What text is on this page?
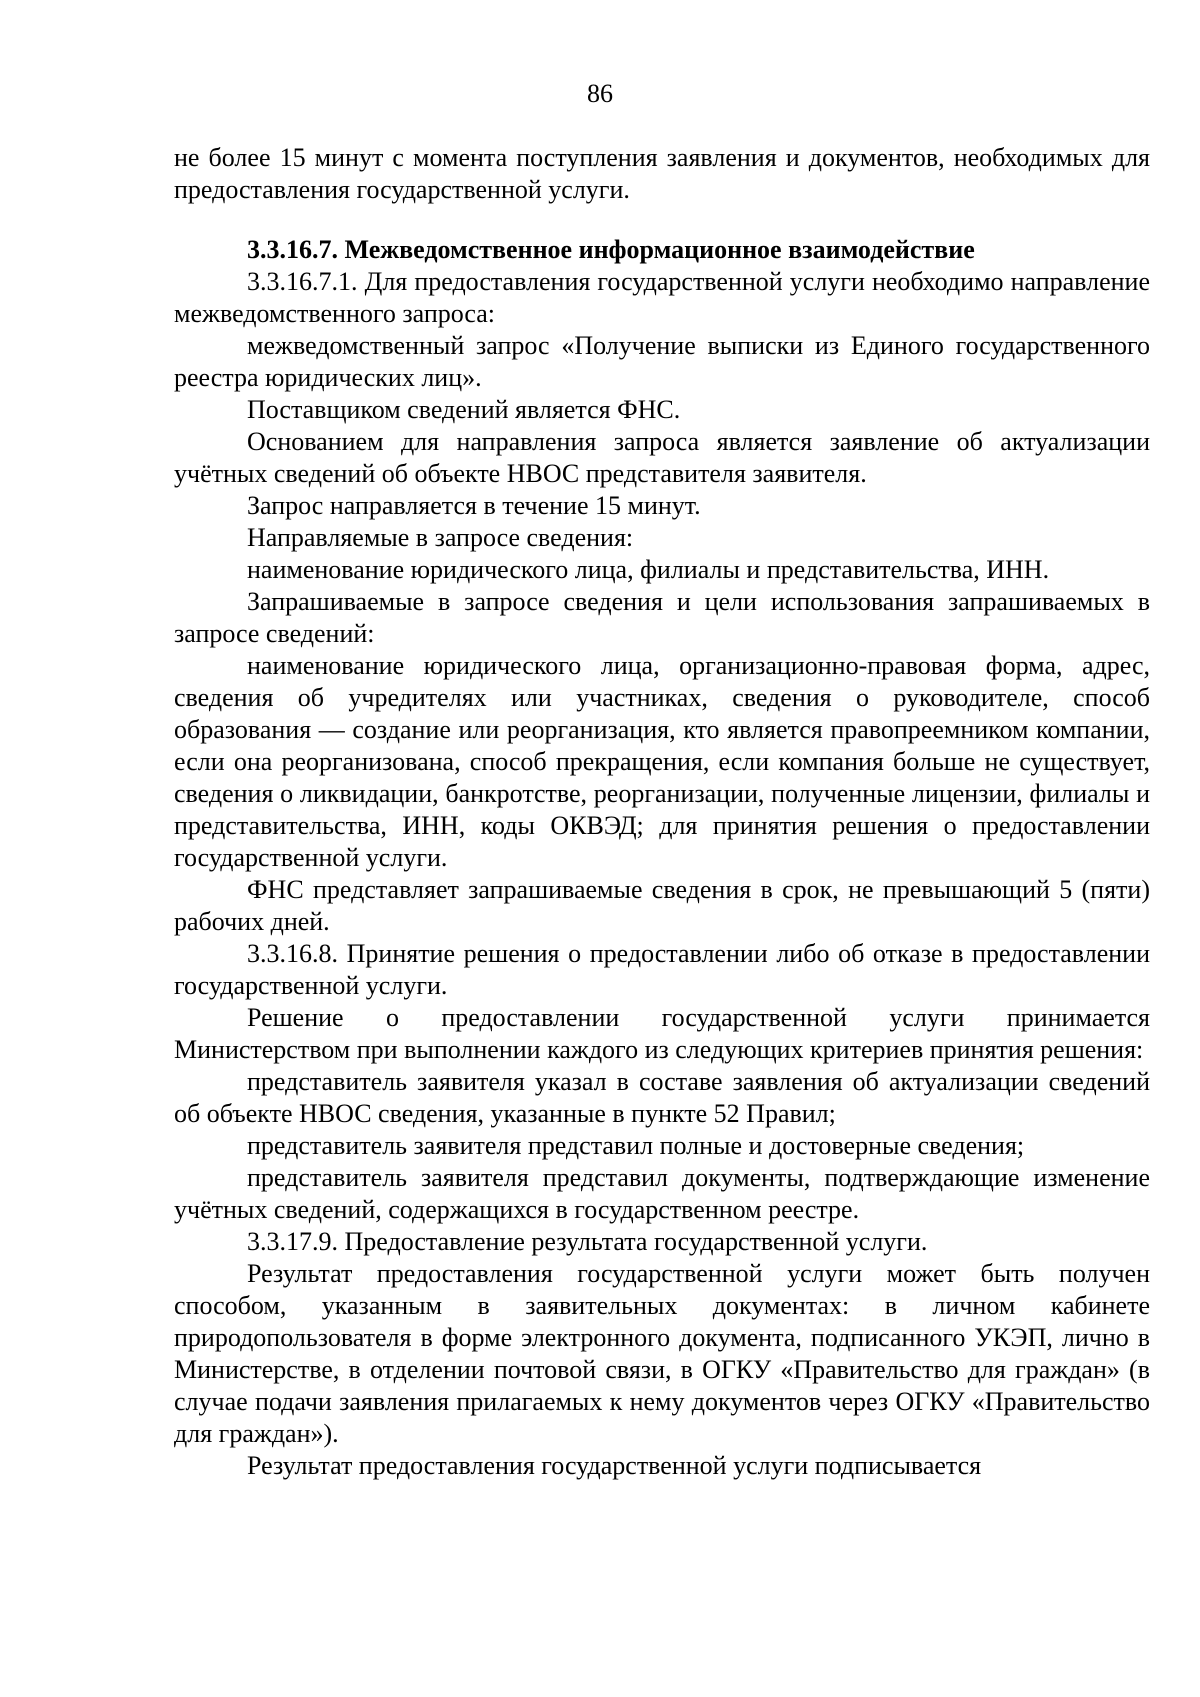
86

не более 15 минут с момента поступления заявления и документов, необходимых для предоставления государственной услуги.

3.3.16.7. Межведомственное информационное взаимодействие

3.3.16.7.1. Для предоставления государственной услуги необходимо направление межведомственного запроса:

межведомственный запрос «Получение выписки из Единого государственного реестра юридических лиц».

Поставщиком сведений является ФНС.

Основанием для направления запроса является заявление об актуализации учётных сведений об объекте НВОС представителя заявителя.

Запрос направляется в течение 15 минут.

Направляемые в запросе сведения:

наименование юридического лица, филиалы и представительства, ИНН.

Запрашиваемые в запросе сведения и цели использования запрашиваемых в запросе сведений:

наименование юридического лица, организационно-правовая форма, адрес, сведения об учредителях или участниках, сведения о руководителе, способ образования — создание или реорганизация, кто является правопреемником компании, если она реорганизована, способ прекращения, если компания больше не существует, сведения о ликвидации, банкротстве, реорганизации, полученные лицензии, филиалы и представительства, ИНН, коды ОКВЭД; для принятия решения о предоставлении государственной услуги.

ФНС представляет запрашиваемые сведения в срок, не превышающий 5 (пяти) рабочих дней.

3.3.16.8. Принятие решения о предоставлении либо об отказе в предоставлении государственной услуги.

Решение о предоставлении государственной услуги принимается Министерством при выполнении каждого из следующих критериев принятия решения:

представитель заявителя указал в составе заявления об актуализации сведений об объекте НВОС сведения, указанные в пункте 52 Правил;

представитель заявителя представил полные и достоверные сведения;

представитель заявителя представил документы, подтверждающие изменение учётных сведений, содержащихся в государственном реестре.

3.3.17.9. Предоставление результата государственной услуги.

Результат предоставления государственной услуги может быть получен способом, указанным в заявительных документах: в личном кабинете природопользователя в форме электронного документа, подписанного УКЭП, лично в Министерстве, в отделении почтовой связи, в ОГКУ «Правительство для граждан» (в случае подачи заявления прилагаемых к нему документов через ОГКУ «Правительство для граждан»).

Результат предоставления государственной услуги подписывается
